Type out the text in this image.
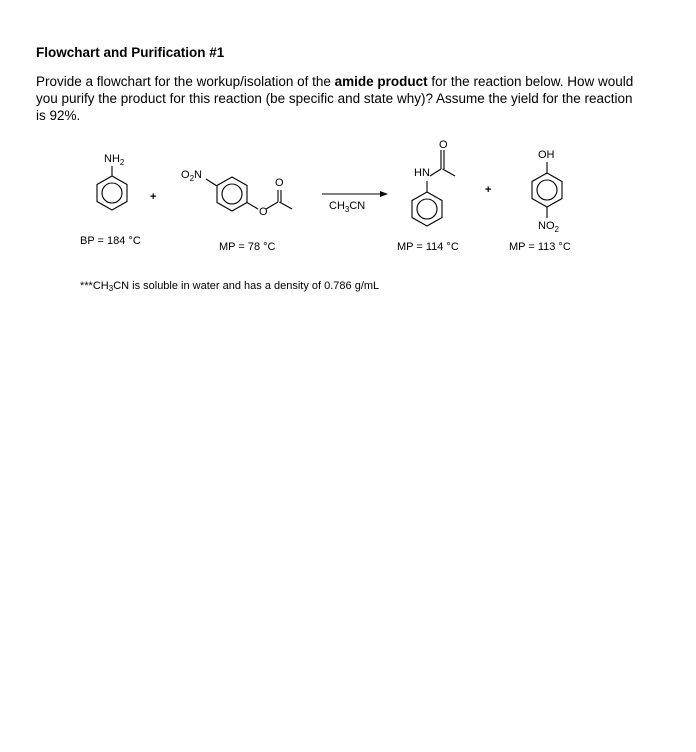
Flowchart and Purification #1
Provide a flowchart for the workup/isolation of the amide product for the reaction below. How would you purify the product for this reaction (be specific and state why)? Assume the yield for the reaction is 92%.
$NH_2$
+
$O_2N$
O
O
$CH_3CN$
HN
O
+
OH
$NO_2$
BP = 184 °C	MP = 78 °C	MP = 114 °C	MP = 113 °C
$***CH_3CN$ is soluble in water and has a density of 0.786 g/mL
